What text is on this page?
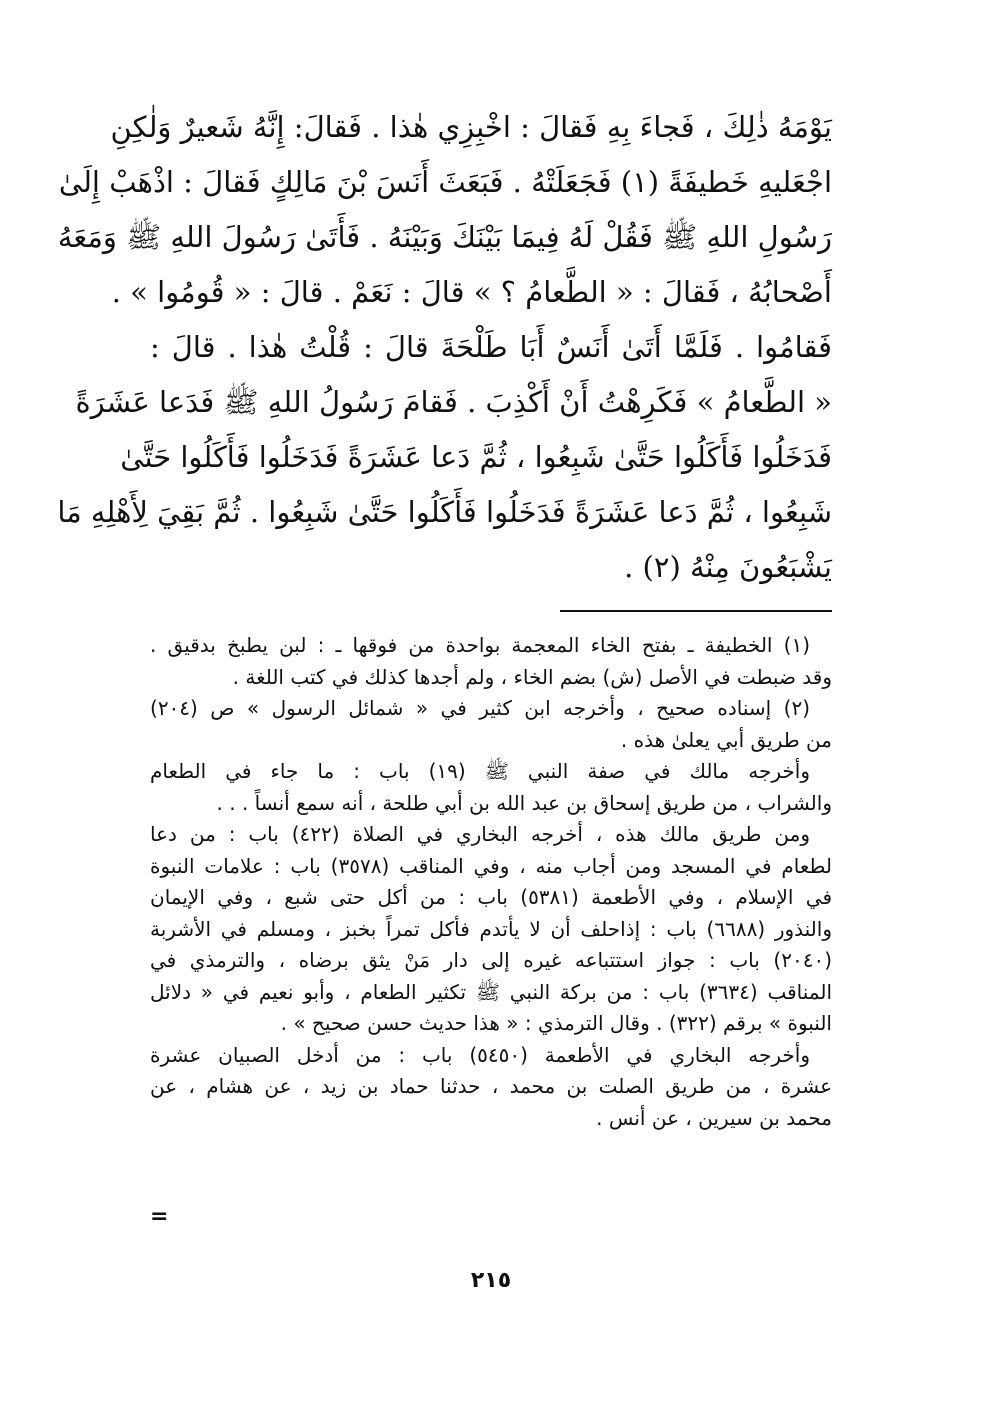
يَوْمَهُ ذٰلِكَ ، فَجاءَ بِهِ فَقالَ : اخْبِزِي هٰذا . فَقالَ: إِنَّهُ شَعيرٌ وَلٰكِنِ
اجْعَليهِ خَطيفَةً (١) فَجَعَلَتْهُ . فَبَعَثَ أَنَسَ بْنَ مَالِكٍ فَقالَ : اذْهَبْ إِلَىٰ
رَسُولِ اللهِ ﷺ فَقُلْ لَهُ فِيمَا بَيْنَكَ وَبَيْنَهُ . فَأَتَىٰ رَسُولَ اللهِ ﷺ وَمَعَهُ
أَصْحابُهُ ، فَقالَ : « الطَّعامُ ؟ » قالَ : نَعَمْ . قالَ : « قُومُوا » .
فَقامُوا . فَلَمَّا أَتَىٰ أَنَسٌ أَبَا طَلْحَةَ قالَ : قُلْتُ هٰذا . قالَ :
« الطَّعامُ » فَكَرِهْتُ أَنْ أَكْذِبَ . فَقامَ رَسُولُ اللهِ ﷺ فَدَعا عَشَرَةً
فَدَخَلُوا فَأَكَلُوا حَتَّىٰ شَبِعُوا ، ثُمَّ دَعا عَشَرَةً فَدَخَلُوا فَأَكَلُوا حَتَّىٰ
شَبِعُوا ، ثُمَّ دَعا عَشَرَةً فَدَخَلُوا فَأَكَلُوا حَتَّىٰ شَبِعُوا . ثُمَّ بَقِيَ لِأَهْلِهِ مَا
يَشْبَعُونَ مِنْهُ (٢) .
(١) الخطيفة ـ بفتح الخاء المعجمة بواحدة من فوقها ـ : لبن يطبخ بدقيق .
وقد ضبطت في الأصل (ش) بضم الخاء ، ولم أجدها كذلك في كتب اللغة .
(٢) إسناده صحيح ، وأخرجه ابن كثير في « شمائل الرسول » ص (٢٠٤)
من طريق أبي يعلىٰ هذه .
وأخرجه مالك في صفة النبي ﷺ (١٩) باب : ما جاء في الطعام
والشراب ، من طريق إسحاق بن عبد الله بن أبي طلحة ، أنه سمع أنساً . . .
ومن طريق مالك هذه ، أخرجه البخاري في الصلاة (٤٢٢) باب : من دعا
لطعام في المسجد ومن أجاب منه ، وفي المناقب (٣٥٧٨) باب : علامات النبوة
في الإسلام ، وفي الأطعمة (٥٣٨١) باب : من أكل حتى شبع ، وفي الإيمان
والنذور (٦٦٨٨) باب : إذاحلف أن لا يأتدم فأكل تمراً بخبز ، ومسلم في الأشربة
(٢٠٤٠) باب : جواز استتباعه غيره إلى دار مَنْ يثق برضاه ، والترمذي في
المناقب (٣٦٣٤) باب : من بركة النبي ﷺ تكثير الطعام ، وأبو نعيم في « دلائل
النبوة » برقم (٣٢٢) . وقال الترمذي : « هذا حديث حسن صحيح » .
وأخرجه البخاري في الأطعمة (٥٤٥٠) باب : من أدخل الصبيان عشرة
عشرة ، من طريق الصلت بن محمد ، حدثنا حماد بن زيد ، عن هشام ، عن
محمد بن سيرين ، عن أنس .
=
٢١٥
